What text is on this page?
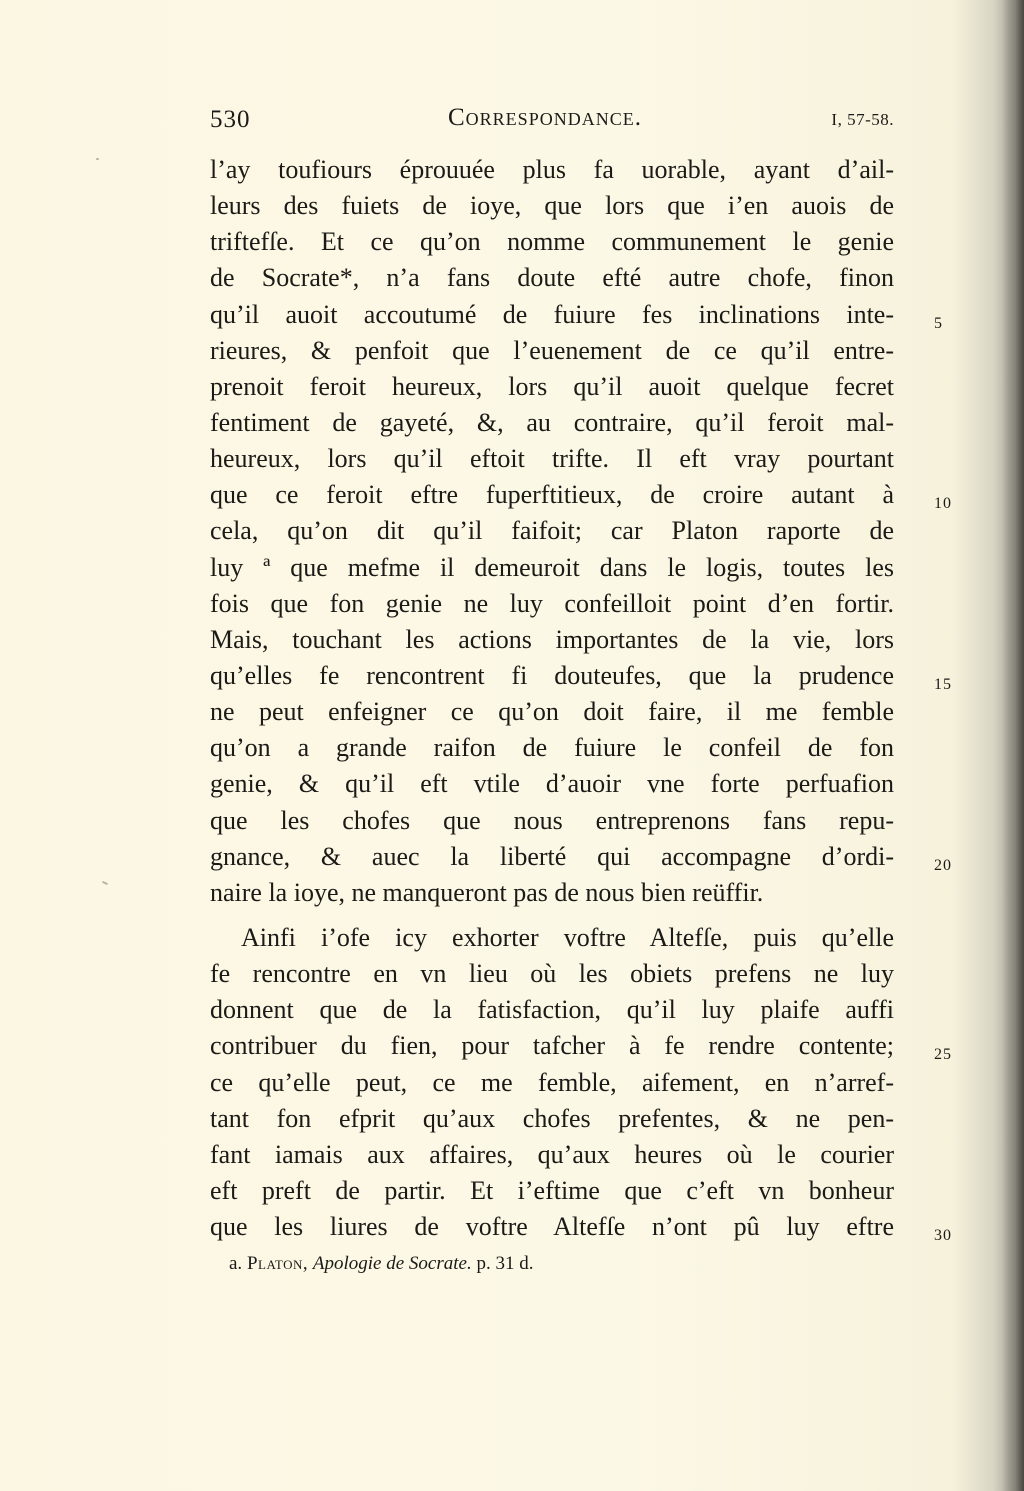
530	Correspondance.	I, 57-58.
l’ay toufiours éprouuée plus fa uorable, ayant d’ail-
leurs des fuiets de ioye, que lors que i’en auois de
triftefſe. Et ce qu’on nomme communement le genie
de Socrate*, n’a fans doute efté autre chofe, finon
qu’il auoit accoutumé de fuiure fes inclinations inte-	5
rieures, & penfoit que l’euenement de ce qu’il entre-
prenoit feroit heureux, lors qu’il auoit quelque fecret
fentiment de gayeté, &, au contraire, qu’il feroit mal-
heureux, lors qu’il eftoit trifte. Il eft vray pourtant
que ce feroit eftre fuperftitieux, de croire autant à	10
cela, qu’on dit qu’il faifoit; car Platon raporte de
luy ª que mefme il demeuroit dans le logis, toutes les
fois que fon genie ne luy confeilloit point d’en fortir.
Mais, touchant les actions importantes de la vie, lors
qu’elles fe rencontrent fi douteufes, que la prudence	15
ne peut enfeigner ce qu’on doit faire, il me femble
qu’on a grande raifon de fuiure le confeil de fon
genie, & qu’il eft vtile d’auoir vne forte perfuafion
que les chofes que nous entreprenons fans repu-
gnance, & auec la liberté qui accompagne d’ordi-	20
naire la ioye, ne manqueront pas de nous bien reüffir.
Ainfi i’ofe icy exhorter voftre Altefſe, puis qu’elle
fe rencontre en vn lieu où les obiets prefens ne luy
donnent que de la fatisfaction, qu’il luy plaife auffi
contribuer du fien, pour tafcher à fe rendre contente;	25
ce qu’elle peut, ce me femble, aifement, en n’arref-
tant fon efprit qu’aux chofes prefentes, & ne pen-
fant iamais aux affaires, qu’aux heures où le courier
eft preft de partir. Et i’eftime que c’eft vn bonheur
que les liures de voftre Altefſe n’ont pû luy eftre	30
a. Platon, Apologie de Socrate. p. 31 d.
